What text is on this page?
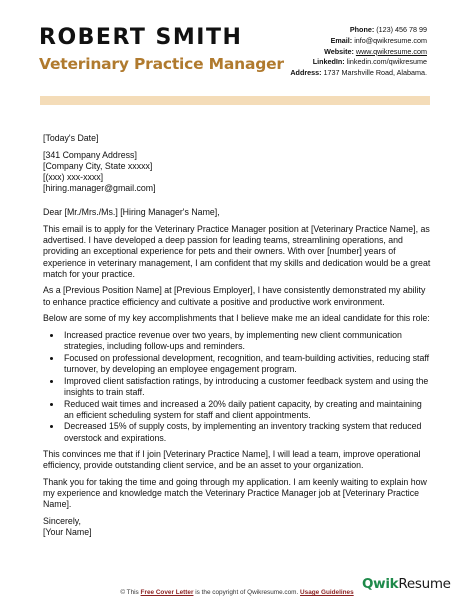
ROBERT SMITH
Veterinary Practice Manager
Phone: (123) 456 78 99
Email: info@qwikresume.com
Website: www.qwikresume.com
LinkedIn: linkedin.com/qwikresume
Address: 1737 Marshville Road, Alabama.

[Today's Date]

[341 Company Address]
[Company City, State xxxxx]
[(xxx) xxx-xxxx]
[hiring.manager@gmail.com]

Dear [Mr./Mrs./Ms.] [Hiring Manager's Name],

This email is to apply for the Veterinary Practice Manager position at [Veterinary Practice Name], as advertised. I have developed a deep passion for leading teams, streamlining operations, and providing an exceptional experience for pets and their owners. With over [number] years of experience in veterinary management, I am confident that my skills and dedication would be a great match for your practice.

As a [Previous Position Name] at [Previous Employer], I have consistently demonstrated my ability to enhance practice efficiency and cultivate a positive and productive work environment.

Below are some of my key accomplishments that I believe make me an ideal candidate for this role:

• Increased practice revenue over two years, by implementing new client communication strategies, including follow-ups and reminders.
• Focused on professional development, recognition, and team-building activities, reducing staff turnover, by developing an employee engagement program.
• Improved client satisfaction ratings, by introducing a customer feedback system and using the insights to train staff.
• Reduced wait times and increased a 20% daily patient capacity, by creating and maintaining an efficient scheduling system for staff and client appointments.
• Decreased 15% of supply costs, by implementing an inventory tracking system that reduced overstock and expirations.

This convinces me that if I join [Veterinary Practice Name], I will lead a team, improve operational efficiency, provide outstanding client service, and be an asset to your organization.

Thank you for taking the time and going through my application. I am keenly waiting to explain how my experience and knowledge match the Veterinary Practice Manager job at [Veterinary Practice Name].

Sincerely,
[Your Name]

© This Free Cover Letter is the copyright of Qwikresume.com. Usage Guidelines
QwikResume
